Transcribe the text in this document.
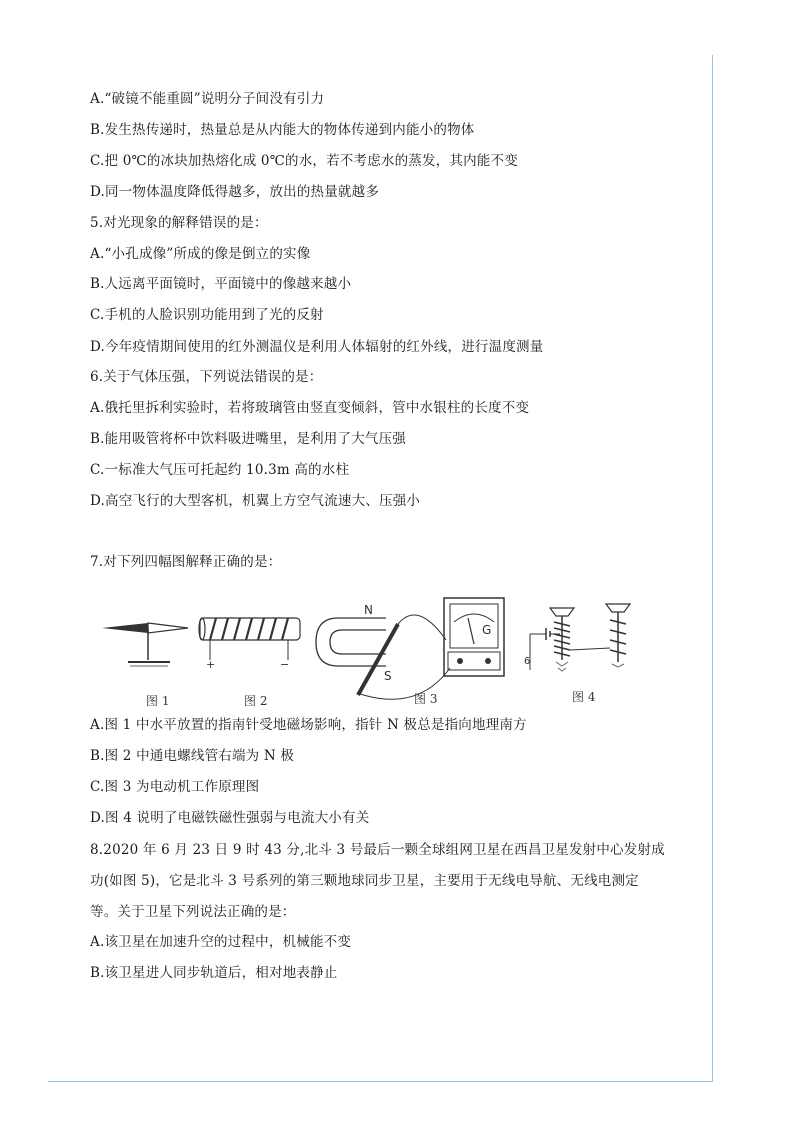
A.“破镜不能重圆”说明分子间没有引力
B.发生热传递时，热量总是从内能大的物体传递到内能小的物体
C.把 0℃的冰块加热熔化成 0℃的水，若不考虑水的蒸发，其内能不变
D.同一物体温度降低得越多，放出的热量就越多
5.对光现象的解释错误的是：
A.“小孔成像”所成的像是倒立的实像
B.人远离平面镜时，平面镜中的像越来越小
C.手机的人脸识别功能用到了光的反射
D.今年疫情期间使用的红外测温仪是利用人体辐射的红外线，进行温度测量
6.关于气体压强，下列说法错误的是：
A.俄托里拆利实验时，若将玻璃管由竖直变倾斜，管中水银柱的长度不变
B.能用吸管将杯中饮料吸进嘴里，是利用了大气压强
C.一标准大气压可托起约 10.3m 高的水柱
D.高空飞行的大型客机，机翼上方空气流速大、压强小
7.对下列四幅图解释正确的是：
+	−
N
S
G
6
图 1	图 2	图 3	图 4
A.图 1 中水平放置的指南针受地磁场影响，指针 N 极总是指向地理南方
B.图 2 中通电螺线管右端为 N 极
C.图 3 为电动机工作原理图
D.图 4 说明了电磁铁磁性强弱与电流大小有关
8.2020 年 6 月 23 日 9 时 43 分,北斗 3 号最后一颗全球组网卫星在西昌卫星发射中心发射成
功(如图 5)，它是北斗 3 号系列的第三颗地球同步卫星，主要用于无线电导航、无线电测定
等。关于卫星下列说法正确的是：
A.该卫星在加速升空的过程中，机械能不变
B.该卫星进人同步轨道后，相对地表静止
